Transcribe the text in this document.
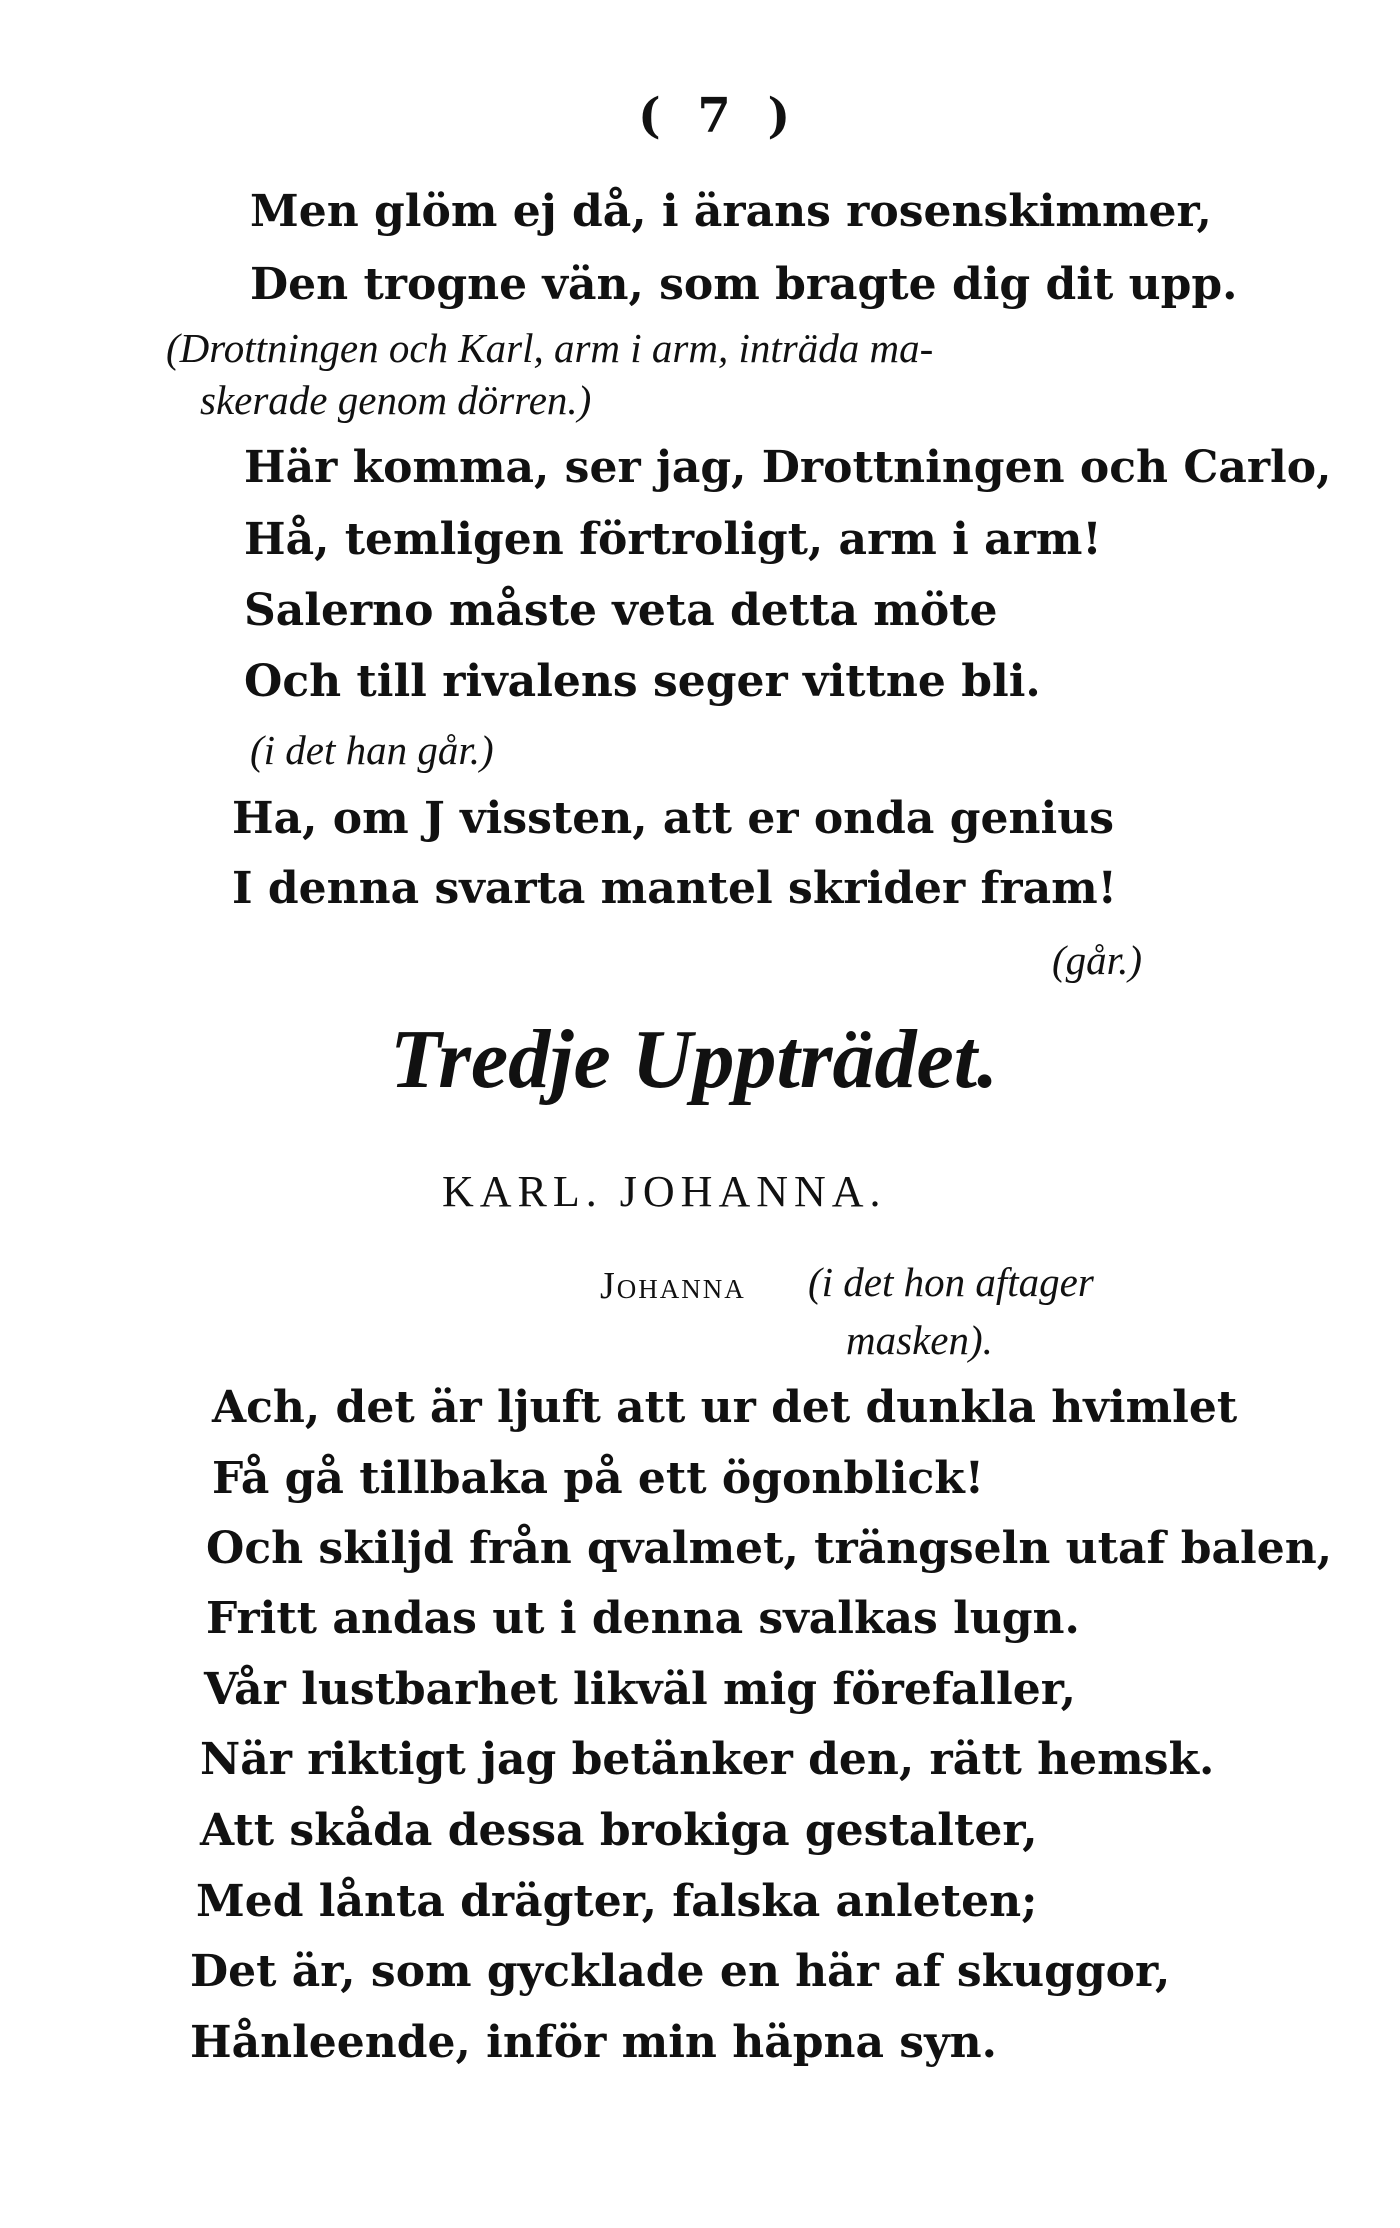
( 7 )
Men glöm ej då, i ärans rosenskimmer,
Den trogne vän, som bragte dig dit upp.
(Drottningen och Karl, arm i arm, inträda ma-
skerade genom dörren.)
Här komma, ser jag, Drottningen och Carlo,
Hå, temligen förtroligt, arm i arm!
Salerno måste veta detta möte
Och till rivalens seger vittne bli.
(i det han går.)
Ha, om J vissten, att er onda genius
I denna svarta mantel skrider fram!
(går.)
Tredje Uppträdet.
KARL. JOHANNA.
Johanna (i det hon aftager
masken).
Ach, det är ljuft att ur det dunkla hvimlet
Få gå tillbaka på ett ögonblick!
Och skiljd från qvalmet, trängseln utaf balen,
Fritt andas ut i denna svalkas lugn.
Vår lustbarhet likväl mig förefaller,
När riktigt jag betänker den, rätt hemsk.
Att skåda dessa brokiga gestalter,
Med lånta drägter, falska anleten;
Det är, som gycklade en här af skuggor,
Hånleende, inför min häpna syn.
